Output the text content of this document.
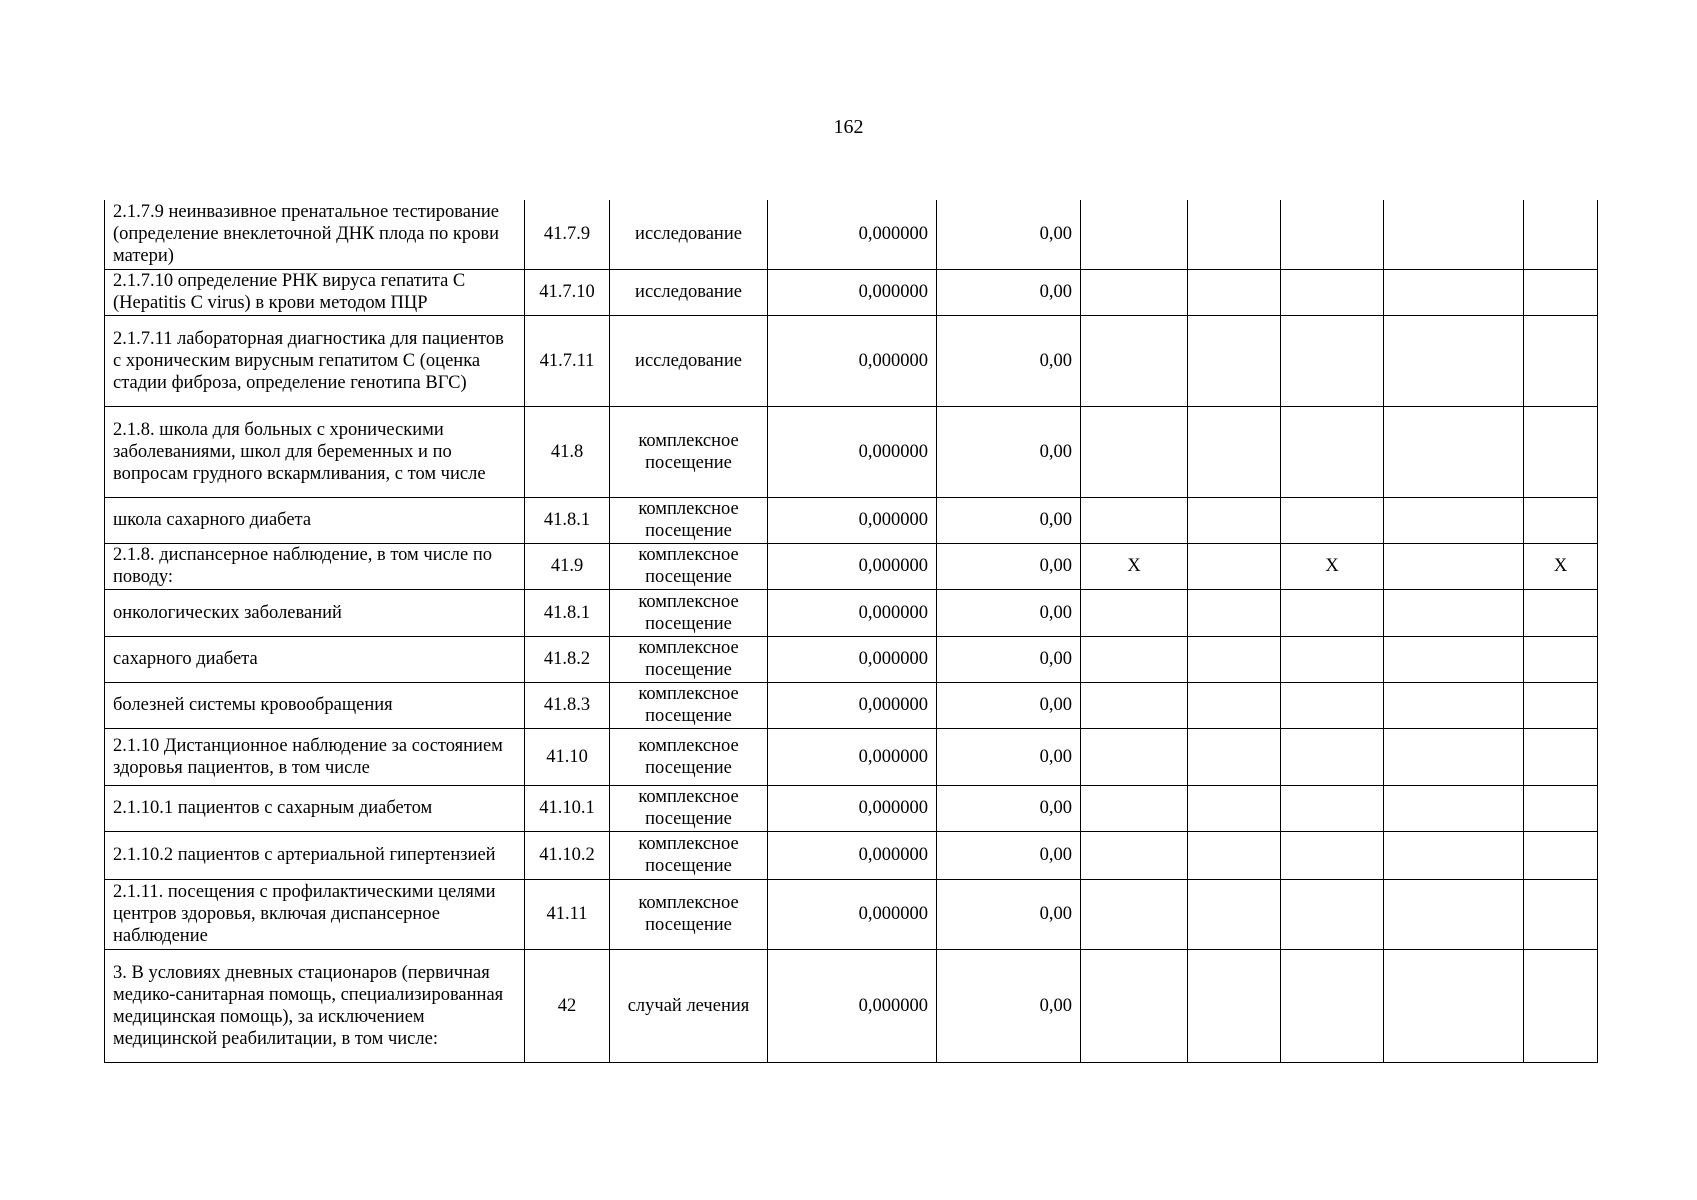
162
2.1.7.9 неинвазивное пренатальное тестирование (определение внеклеточной ДНК плода по крови матери)	41.7.9	исследование	0,000000	0,00					
2.1.7.10 определение РНК вируса гепатита С (Hepatitis C virus) в крови методом ПЦР	41.7.10	исследование	0,000000	0,00					
2.1.7.11 лабораторная диагностика для пациентов с хроническим вирусным гепатитом С (оценка стадии фиброза, определение генотипа ВГС)	41.7.11	исследование	0,000000	0,00					
2.1.8. школа для больных с хроническими заболеваниями, школ для беременных и по вопросам грудного вскармливания, с том числе	41.8	комплексное посещение	0,000000	0,00					
школа сахарного диабета	41.8.1	комплексное посещение	0,000000	0,00					
2.1.8. диспансерное наблюдение, в том числе по поводу:	41.9	комплексное посещение	0,000000	0,00	X		X		X
онкологических заболеваний	41.8.1	комплексное посещение	0,000000	0,00					
сахарного диабета	41.8.2	комплексное посещение	0,000000	0,00					
болезней системы кровообращения	41.8.3	комплексное посещение	0,000000	0,00					
2.1.10 Дистанционное наблюдение за состоянием здоровья пациентов, в том числе	41.10	комплексное посещение	0,000000	0,00					
2.1.10.1 пациентов с сахарным диабетом	41.10.1	комплексное посещение	0,000000	0,00					
2.1.10.2 пациентов с артериальной гипертензией	41.10.2	комплексное посещение	0,000000	0,00					
2.1.11. посещения с профилактическими целями центров здоровья, включая диспансерное наблюдение	41.11	комплексное посещение	0,000000	0,00					
3. В условиях дневных стационаров (первичная медико-санитарная помощь, специализированная медицинская помощь), за исключением медицинской реабилитации, в том числе:	42	случай лечения	0,000000	0,00					
